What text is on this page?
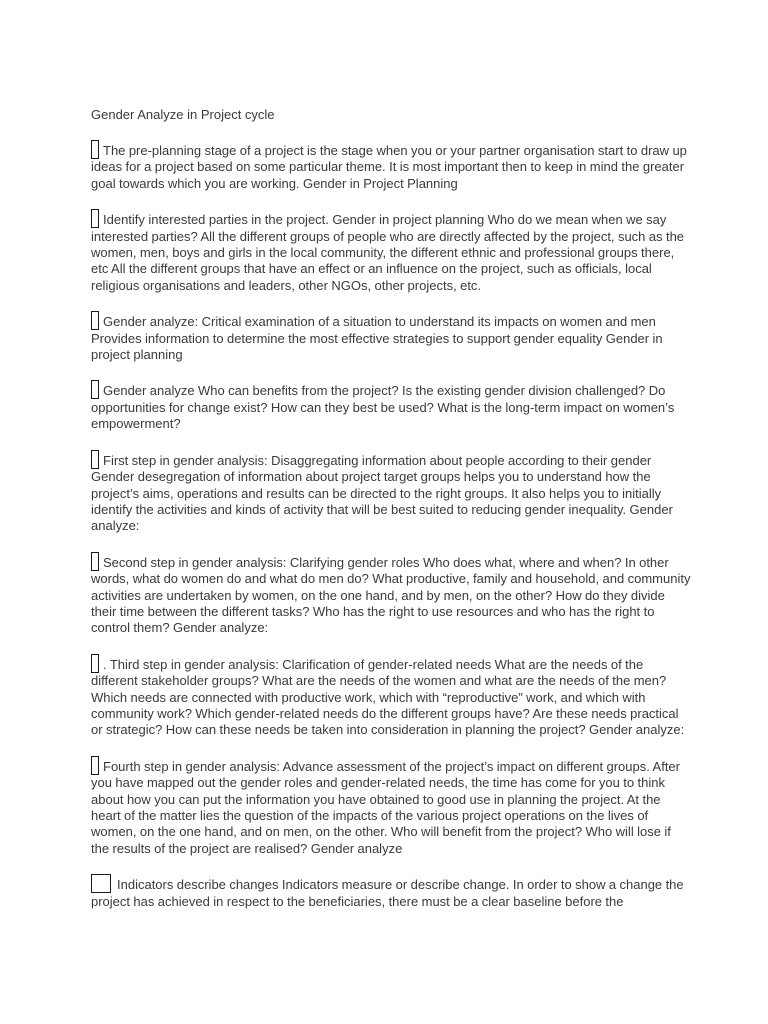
Gender Analyze in Project cycle

The pre-planning stage of a project is the stage when you or your partner organisation start to draw up ideas for a project based on some particular theme. It is most important then to keep in mind the greater goal towards which you are working. Gender in Project Planning

Identify interested parties in the project. Gender in project planning Who do we mean when we say interested parties? All the different groups of people who are directly affected by the project, such as the women, men, boys and girls in the local community, the different ethnic and professional groups there, etc All the different groups that have an effect or an influence on the project, such as officials, local religious organisations and leaders, other NGOs, other projects, etc.

Gender analyze: Critical examination of a situation to understand its impacts on women and men Provides information to determine the most effective strategies to support gender equality Gender in project planning

Gender analyze Who can benefits from the project? Is the existing gender division challenged? Do opportunities for change exist? How can they best be used? What is the long-term impact on women’s empowerment?

First step in gender analysis: Disaggregating information about people according to their gender Gender desegregation of information about project target groups helps you to understand how the project’s aims, operations and results can be directed to the right groups. It also helps you to initially identify the activities and kinds of activity that will be best suited to reducing gender inequality. Gender analyze:

Second step in gender analysis: Clarifying gender roles Who does what, where and when? In other words, what do women do and what do men do? What productive, family and household, and community activities are undertaken by women, on the one hand, and by men, on the other? How do they divide their time between the different tasks? Who has the right to use resources and who has the right to control them? Gender analyze:

. Third step in gender analysis: Clarification of gender-related needs What are the needs of the different stakeholder groups? What are the needs of the women and what are the needs of the men? Which needs are connected with productive work, which with “reproductive” work, and which with community work? Which gender-related needs do the different groups have? Are these needs practical or strategic? How can these needs be taken into consideration in planning the project? Gender analyze:

Fourth step in gender analysis: Advance assessment of the project’s impact on different groups. After you have mapped out the gender roles and gender-related needs, the time has come for you to think about how you can put the information you have obtained to good use in planning the project. At the heart of the matter lies the question of the impacts of the various project operations on the lives of women, on the one hand, and on men, on the other. Who will benefit from the project? Who will lose if the results of the project are realised? Gender analyze

Indicators describe changes Indicators measure or describe change. In order to show a change the project has achieved in respect to the beneficiaries, there must be a clear baseline before the
